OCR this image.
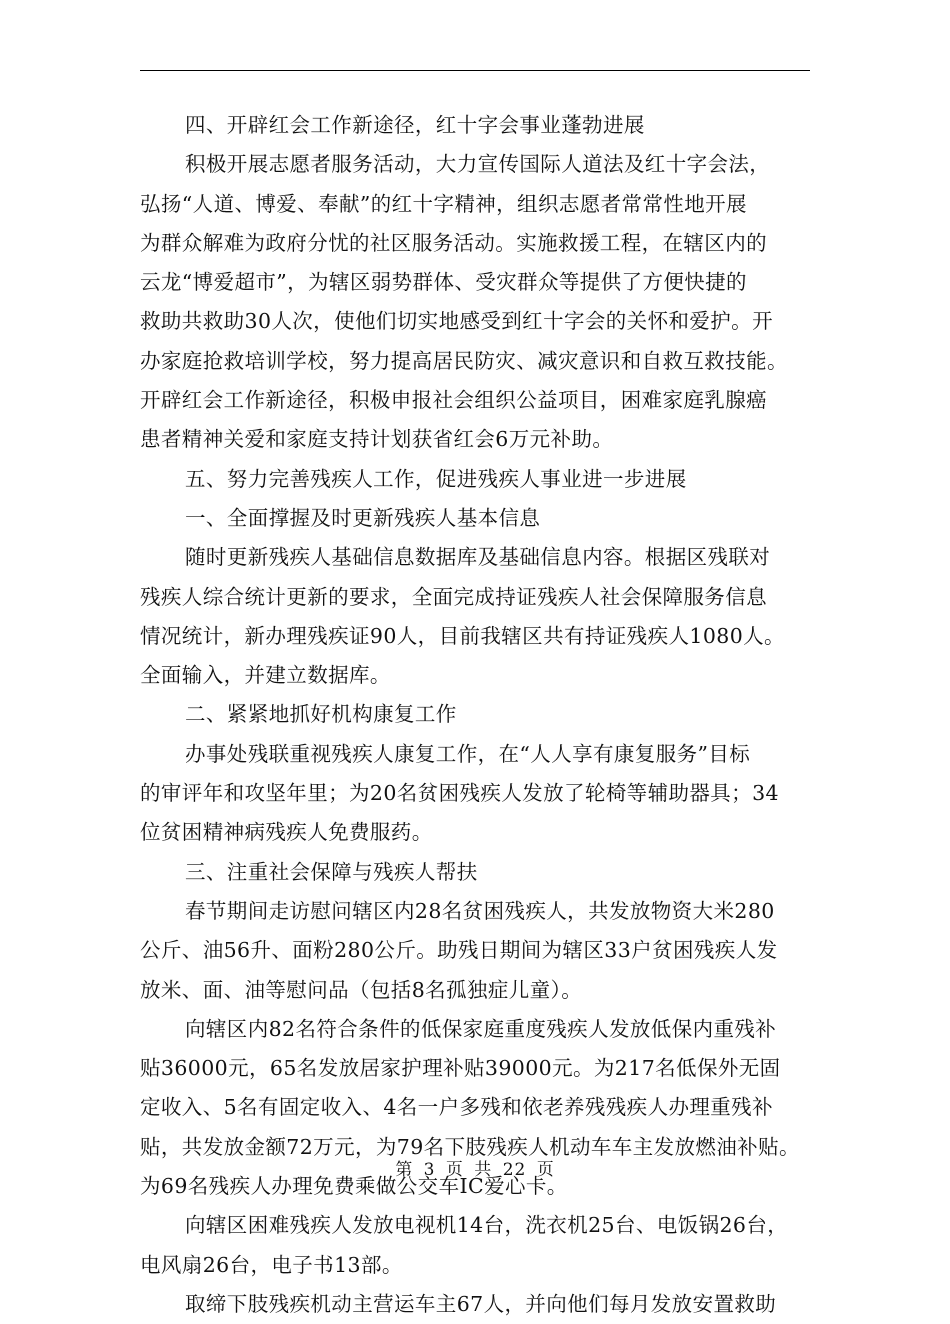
四、开辟红会工作新途径，红十字会事业蓬勃进展
积极开展志愿者服务活动，大力宣传国际人道法及红十字会法，
弘扬“人道、博爱、奉献”的红十字精神，组织志愿者常常性地开展
为群众解难为政府分忧的社区服务活动。实施救援工程，在辖区内的
云龙“博爱超市”，为辖区弱势群体、受灾群众等提供了方便快捷的
救助共救助30人次，使他们切实地感受到红十字会的关怀和爱护。开
办家庭抢救培训学校，努力提高居民防灾、减灾意识和自救互救技能。
开辟红会工作新途径，积极申报社会组织公益项目，困难家庭乳腺癌
患者精神关爱和家庭支持计划获省红会6万元补助。
五、努力完善残疾人工作，促进残疾人事业进一步进展
一、全面撑握及时更新残疾人基本信息
随时更新残疾人基础信息数据库及基础信息内容。根据区残联对
残疾人综合统计更新的要求，全面完成持证残疾人社会保障服务信息
情况统计，新办理残疾证90人，目前我辖区共有持证残疾人1080人。
全面输入，并建立数据库。
二、紧紧地抓好机构康复工作
办事处残联重视残疾人康复工作，在“人人享有康复服务”目标
的审评年和攻坚年里；为20名贫困残疾人发放了轮椅等辅助器具；34
位贫困精神病残疾人免费服药。
三、注重社会保障与残疾人帮扶
春节期间走访慰问辖区内28名贫困残疾人，共发放物资大米280
公斤、油56升、面粉280公斤。助残日期间为辖区33户贫困残疾人发
放米、面、油等慰问品（包括8名孤独症儿童）。
向辖区内82名符合条件的低保家庭重度残疾人发放低保内重残补
贴36000元，65名发放居家护理补贴39000元。为217名低保外无固
定收入、5名有固定收入、4名一户多残和依老养残残疾人办理重残补
贴，共发放金额72万元，为79名下肢残疾人机动车车主发放燃油补贴。
为69名残疾人办理免费乘做公交车IC爱心卡。
向辖区困难残疾人发放电视机14台，洗衣机25台、电饭锅26台，
电风扇26台，电子书13部。
取缔下肢残疾机动主营运车主67人，并向他们每月发放安置救助
第 3 页 共 22 页
